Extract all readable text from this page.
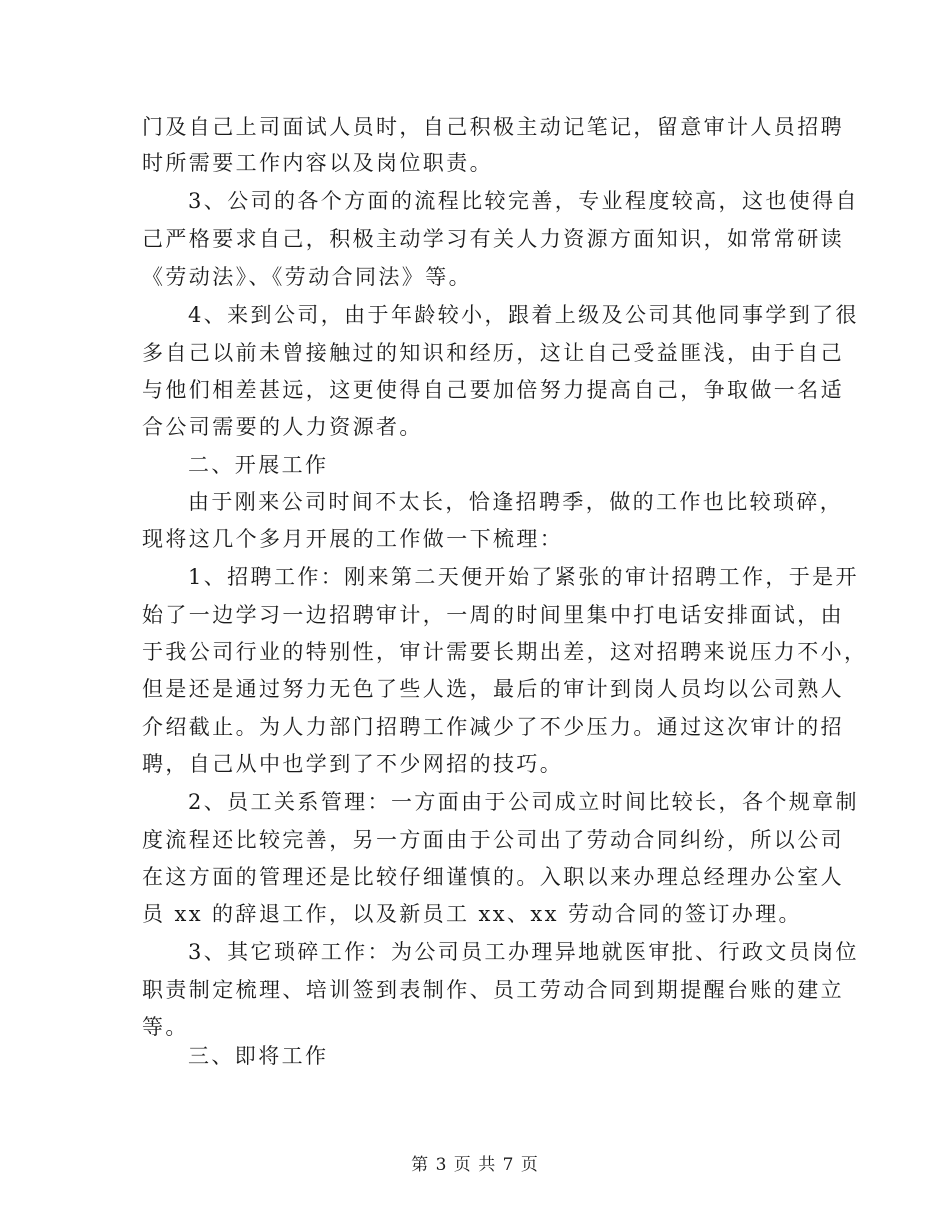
门及自己上司面试人员时，自己积极主动记笔记，留意审计人员招聘
时所需要工作内容以及岗位职责。
3、公司的各个方面的流程比较完善，专业程度较高，这也使得自
己严格要求自己，积极主动学习有关人力资源方面知识，如常常研读
《劳动法》、《劳动合同法》等。
4、来到公司，由于年龄较小，跟着上级及公司其他同事学到了很
多自己以前未曾接触过的知识和经历，这让自己受益匪浅，由于自己
与他们相差甚远，这更使得自己要加倍努力提高自己，争取做一名适
合公司需要的人力资源者。
二、开展工作
由于刚来公司时间不太长，恰逢招聘季，做的工作也比较琐碎，
现将这几个多月开展的工作做一下梳理：
1、招聘工作：刚来第二天便开始了紧张的审计招聘工作，于是开
始了一边学习一边招聘审计，一周的时间里集中打电话安排面试，由
于我公司行业的特别性，审计需要长期出差，这对招聘来说压力不小，
但是还是通过努力无色了些人选，最后的审计到岗人员均以公司熟人
介绍截止。为人力部门招聘工作减少了不少压力。通过这次审计的招
聘，自己从中也学到了不少网招的技巧。
2、员工关系管理：一方面由于公司成立时间比较长，各个规章制
度流程还比较完善，另一方面由于公司出了劳动合同纠纷，所以公司
在这方面的管理还是比较仔细谨慎的。入职以来办理总经理办公室人
员 xx 的辞退工作，以及新员工 xx、xx 劳动合同的签订办理。
3、其它琐碎工作：为公司员工办理异地就医审批、行政文员岗位
职责制定梳理、培训签到表制作、员工劳动合同到期提醒台账的建立
等。
三、即将工作
第 3 页 共 7 页
